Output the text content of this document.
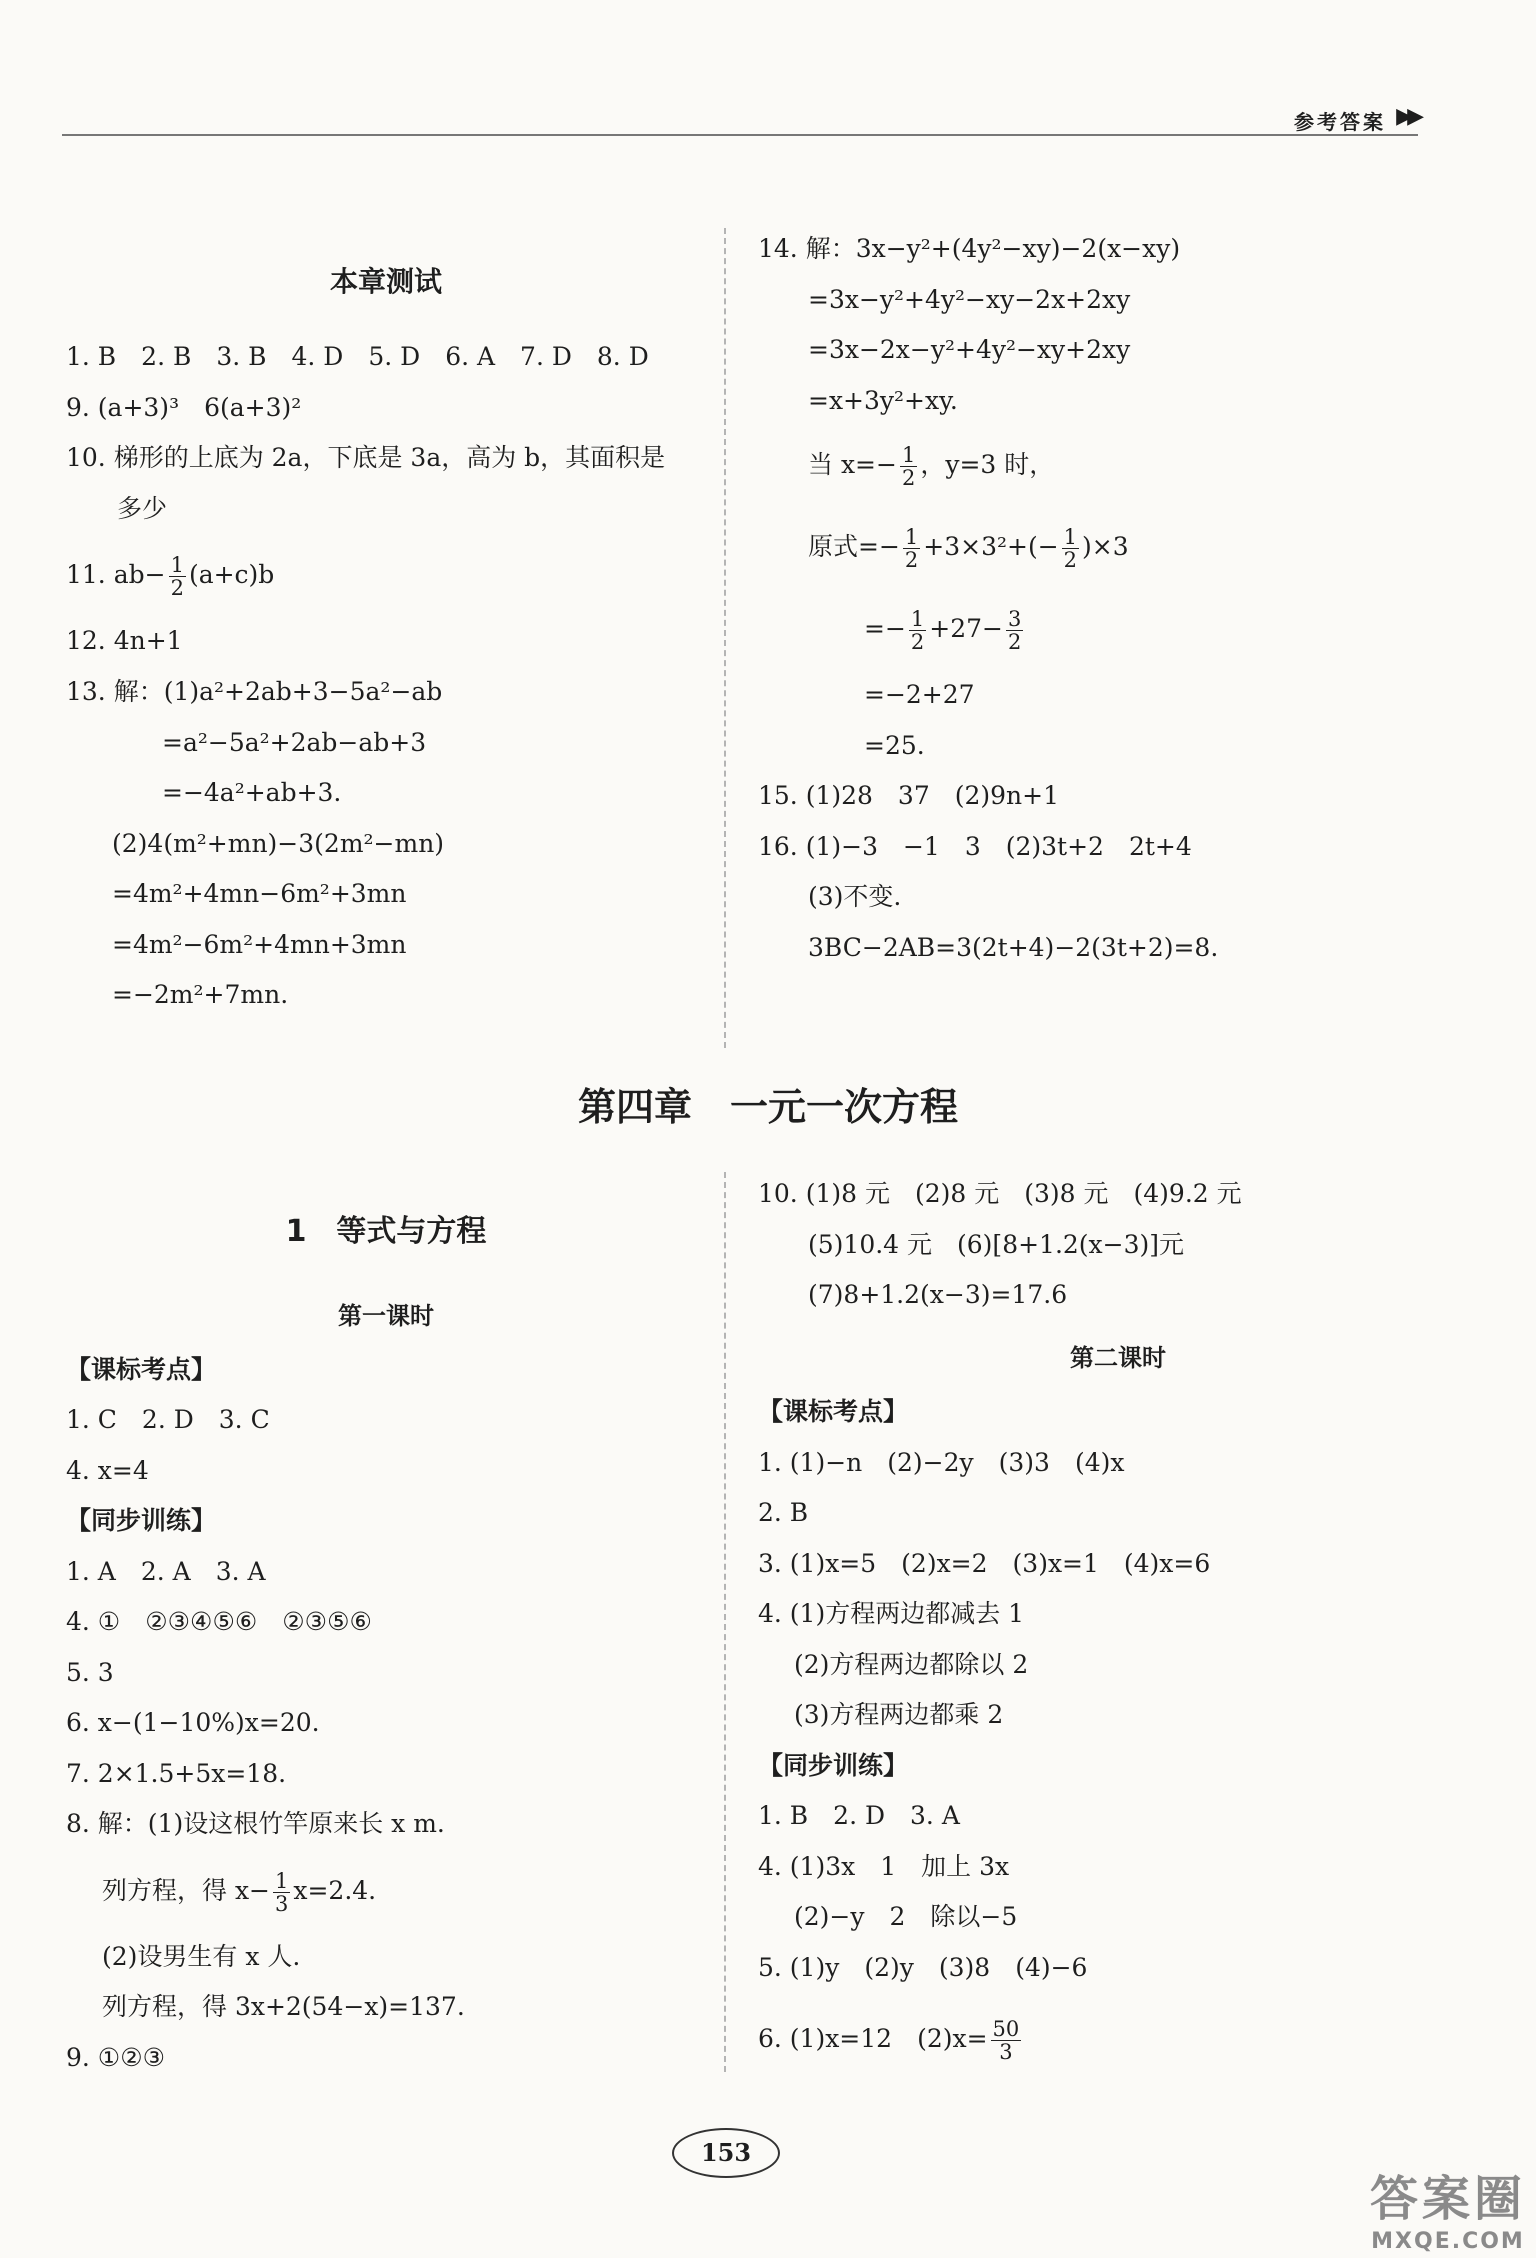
参考答案 ▶▶
本章测试
1. B　2. B　3. B　4. D　5. D　6. A　7. D　8. D
9. (a+3)³　6(a+3)²
10. 梯形的上底为 2a，下底是 3a，高为 b，其面积是
多少
11. $ab- \frac{1}{2} (a+c)b$
12. 4n+1
13. 解：(1)a²+2ab+3−5a²−ab
=a²−5a²+2ab−ab+3
=−4a²+ab+3.
(2)4(m²+mn)−3(2m²−mn)
=4m²+4mn−6m²+3mn
=4m²−6m²+4mn+3mn
=−2m²+7mn.
14. 解：3x−y²+(4y²−xy)−2(x−xy)
=3x−y²+4y²−xy−2x+2xy
=3x−2x−y²+4y²−xy+2xy
=x+3y²+xy.
当 $x=- \frac{1}{2}$ ，y=3 时，
原式=− $\frac{1}{2} +3\times 3^2+(- \frac{1}{2} )\times 3$
=− $\frac{1}{2} +27- \frac{3}{2}$
=−2+27
=25.
15. (1)28　37　(2)9n+1
16. (1)−3　−1　3　(2)3t+2　2t+4
(3)不变.
3BC−2AB=3(2t+4)−2(3t+2)=8.
第四章　一元一次方程
1　等式与方程
第一课时
【课标考点】
1. C　2. D　3. C
4. x=4
【同步训练】
1. A　2. A　3. A
4. ①　②③④⑤⑥　②③⑤⑥
5. 3
6. x−(1−10%)x=20.
7. 2×1.5+5x=18.
8. 解：(1)设这根竹竿原来长 x m.
列方程，得 $x- \frac{1}{3} x=2.4$.
(2)设男生有 x 人.
列方程，得 3x+2(54−x)=137.
9. ①②③
10. (1)8 元　(2)8 元　(3)8 元　(4)9.2 元
(5)10.4 元　(6)[8+1.2(x−3)]元
(7)8+1.2(x−3)=17.6
第二课时
【课标考点】
1. (1)−n　(2)−2y　(3)3　(4)x
2. B
3. (1)x=5　(2)x=2　(3)x=1　(4)x=6
4. (1)方程两边都减去 1
(2)方程两边都除以 2
(3)方程两边都乘 2
【同步训练】
1. B　2. D　3. A
4. (1)3x　1　加上 3x
(2)−y　2　除以−5
5. (1)y　(2)y　(3)8　(4)−6
6. (1)x=12　$(2)x= \frac{50}{3}$
153
答案圈
MXQE.COM
